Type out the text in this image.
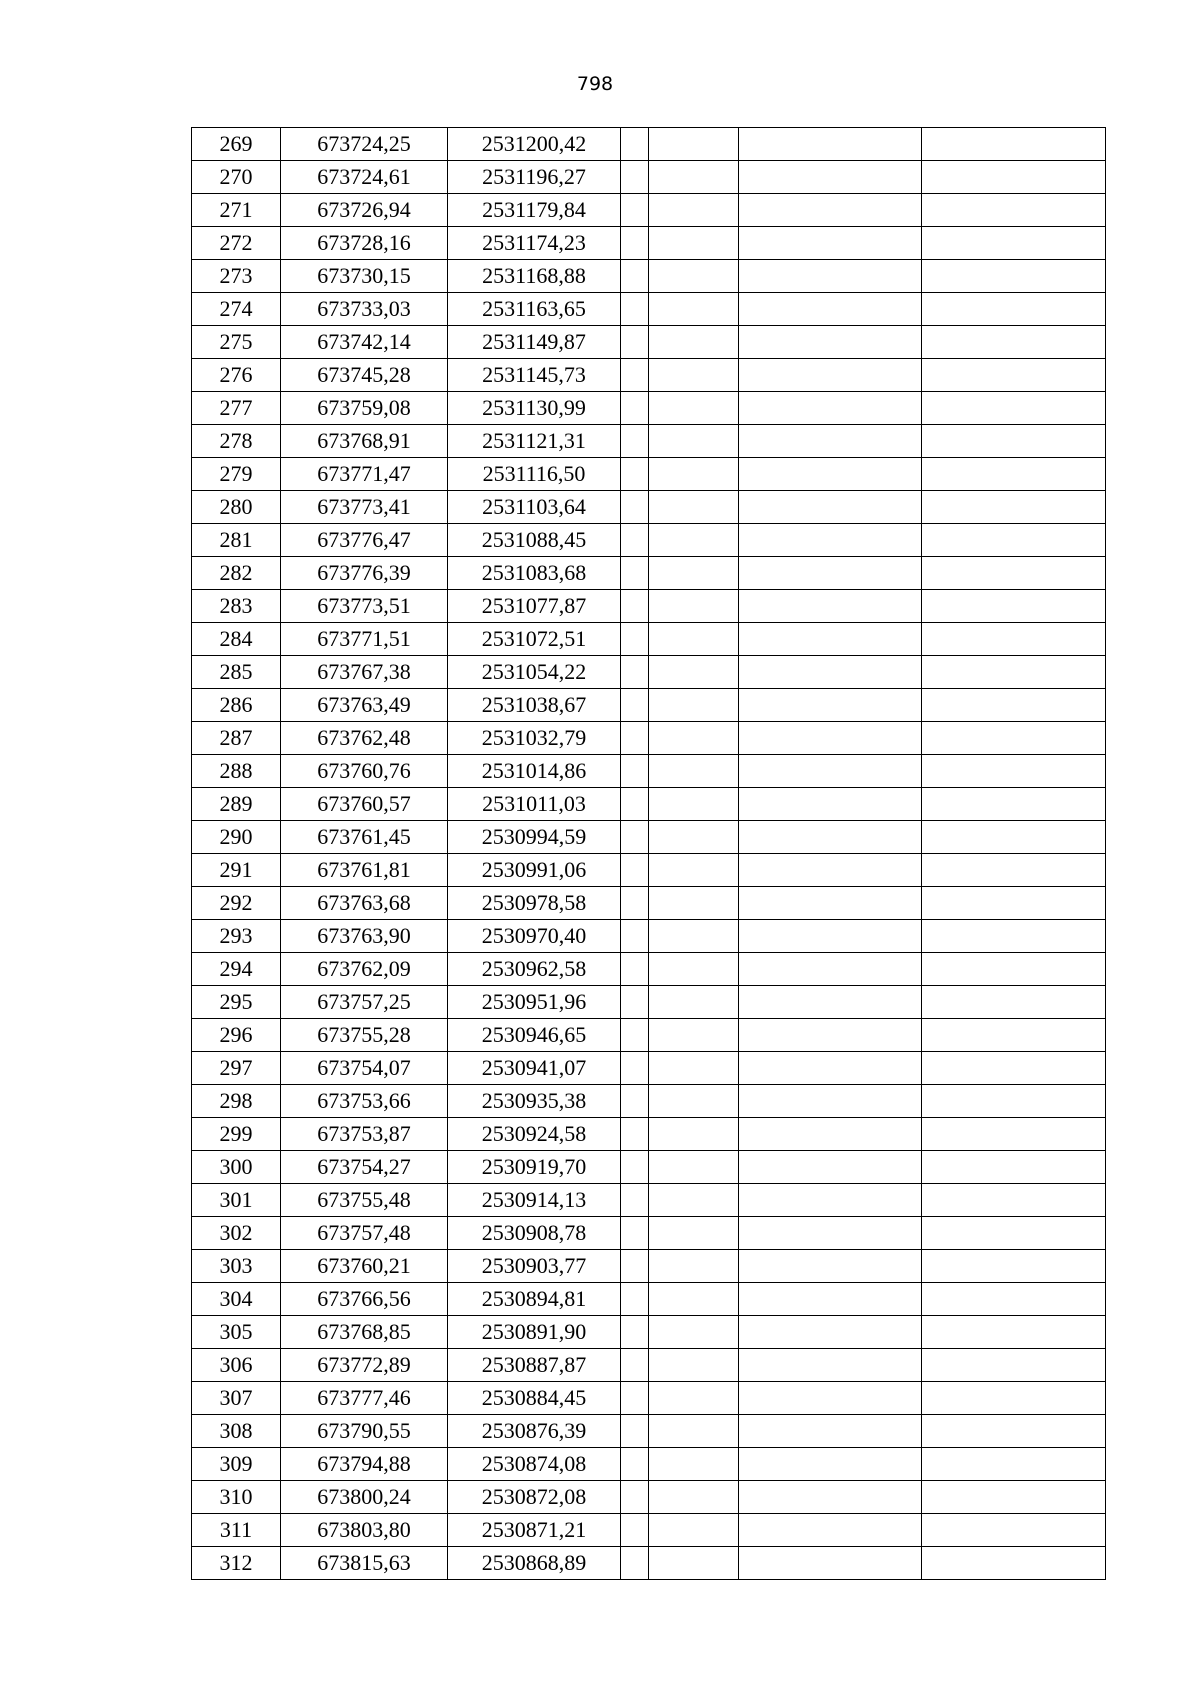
798
269	673724,25	2531200,42				
270	673724,61	2531196,27				
271	673726,94	2531179,84				
272	673728,16	2531174,23				
273	673730,15	2531168,88				
274	673733,03	2531163,65				
275	673742,14	2531149,87				
276	673745,28	2531145,73				
277	673759,08	2531130,99				
278	673768,91	2531121,31				
279	673771,47	2531116,50				
280	673773,41	2531103,64				
281	673776,47	2531088,45				
282	673776,39	2531083,68				
283	673773,51	2531077,87				
284	673771,51	2531072,51				
285	673767,38	2531054,22				
286	673763,49	2531038,67				
287	673762,48	2531032,79				
288	673760,76	2531014,86				
289	673760,57	2531011,03				
290	673761,45	2530994,59				
291	673761,81	2530991,06				
292	673763,68	2530978,58				
293	673763,90	2530970,40				
294	673762,09	2530962,58				
295	673757,25	2530951,96				
296	673755,28	2530946,65				
297	673754,07	2530941,07				
298	673753,66	2530935,38				
299	673753,87	2530924,58				
300	673754,27	2530919,70				
301	673755,48	2530914,13				
302	673757,48	2530908,78				
303	673760,21	2530903,77				
304	673766,56	2530894,81				
305	673768,85	2530891,90				
306	673772,89	2530887,87				
307	673777,46	2530884,45				
308	673790,55	2530876,39				
309	673794,88	2530874,08				
310	673800,24	2530872,08				
311	673803,80	2530871,21				
312	673815,63	2530868,89				
